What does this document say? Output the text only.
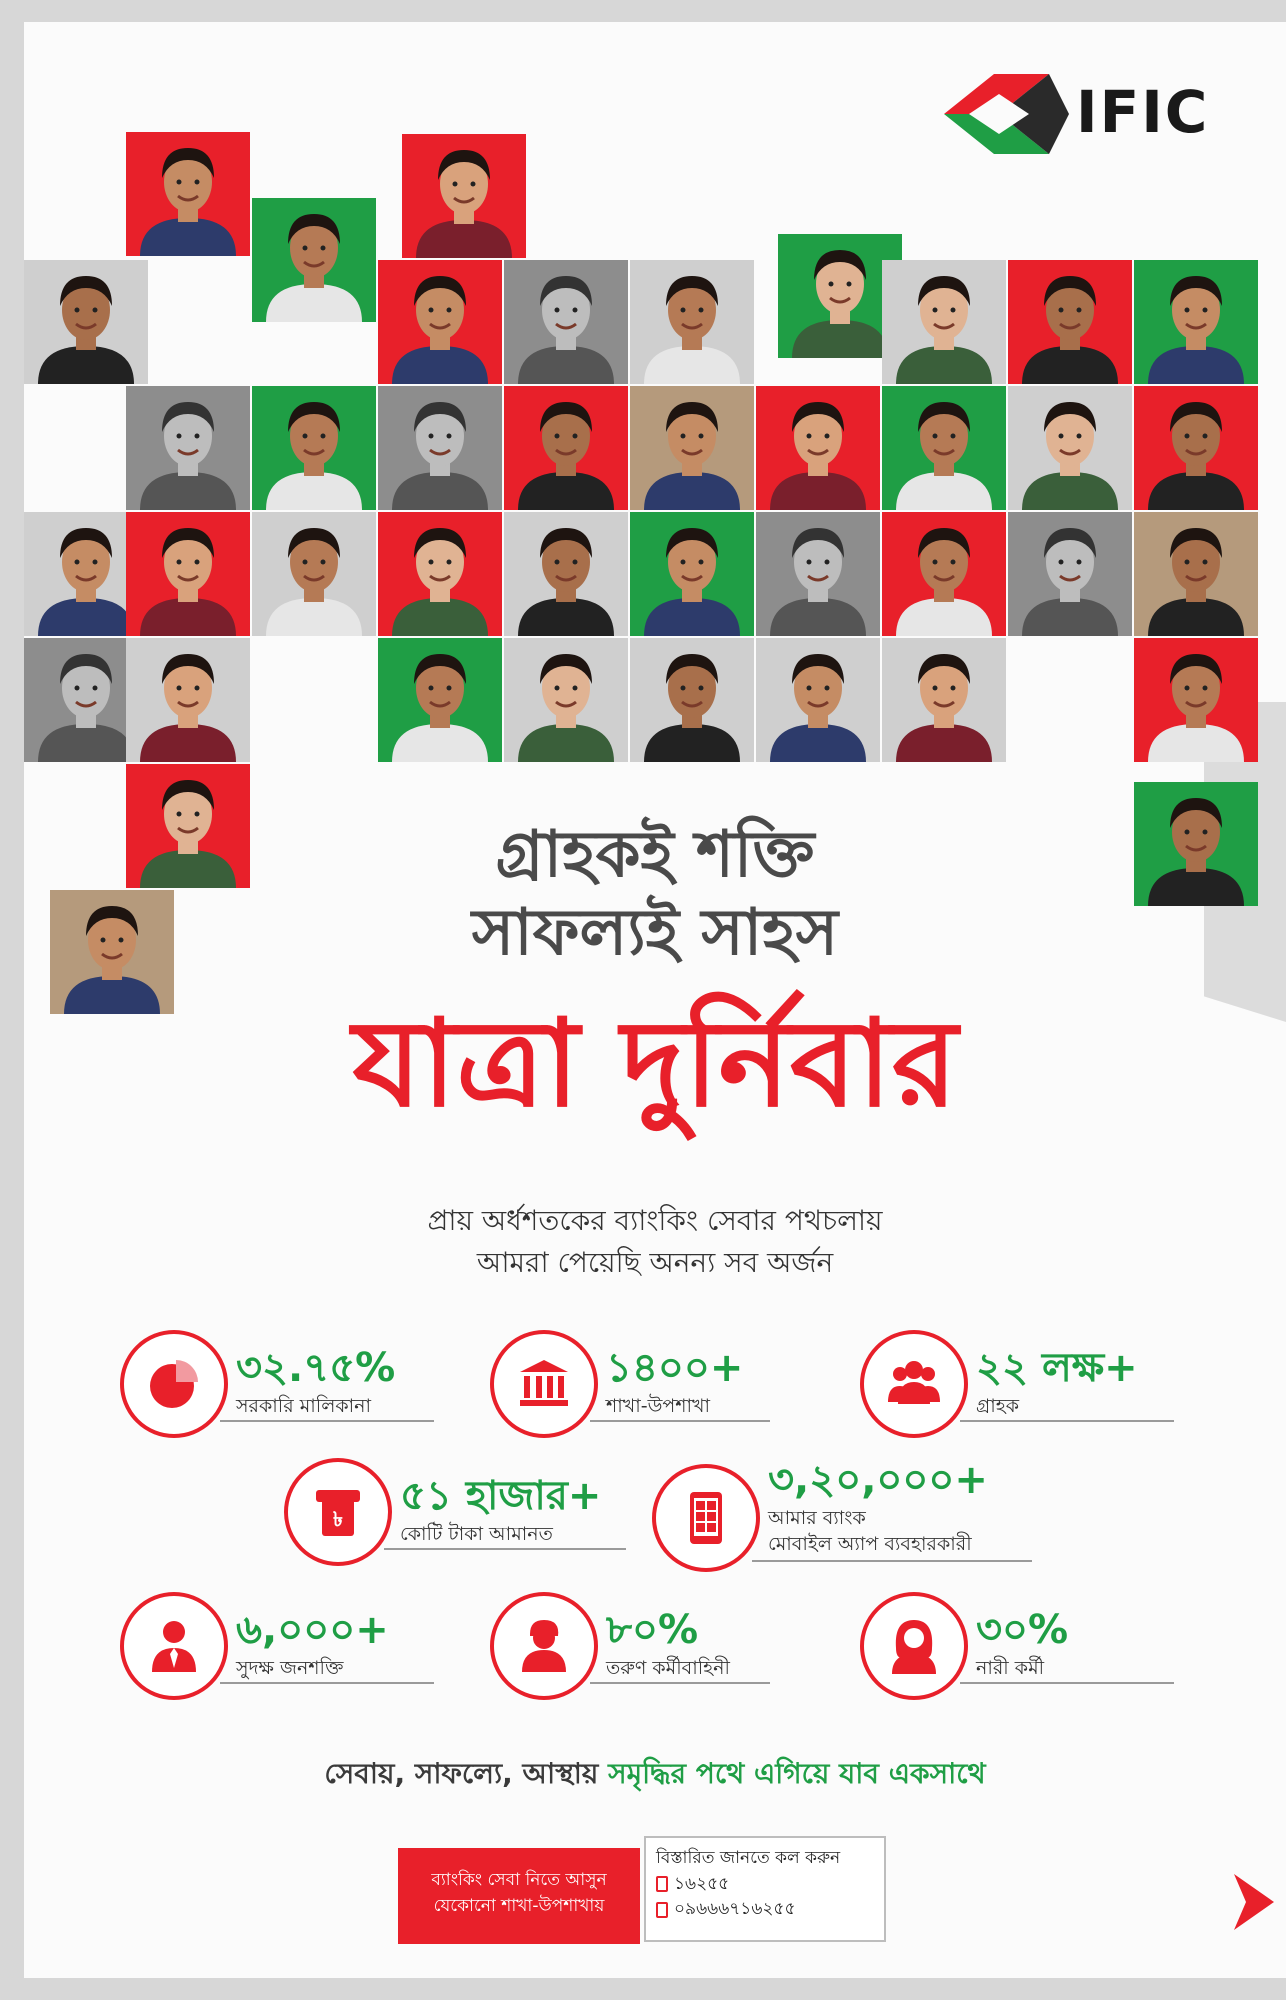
IFIC
গ্রাহকই শক্তি
সাফল্যই সাহস
যাত্রা দুর্নিবার
প্রায় অর্ধশতকের ব্যাংকিং সেবার পথচলায়
আমরা পেয়েছি অনন্য সব অর্জন
৩২.৭৫%
সরকারি মালিকানা
১৪০০+
শাখা-উপশাখা
২২ লক্ষ+
গ্রাহক
৳ ৫১ হাজার+
কোটি টাকা আমানত
৩,২০,০০০+
আমার ব্যাংক
মোবাইল অ্যাপ ব্যবহারকারী
৬,০০০+
সুদক্ষ জনশক্তি
৮০%
তরুণ কর্মীবাহিনী
৩০%
নারী কর্মী
সেবায়, সাফল্যে, আস্থায় সমৃদ্ধির পথে এগিয়ে যাব একসাথে
ব্যাংকিং সেবা নিতে আসুন
যেকোনো শাখা-উপশাখায়
বিস্তারিত জানতে কল করুন
১৬২৫৫
০৯৬৬৬৭১৬২৫৫
